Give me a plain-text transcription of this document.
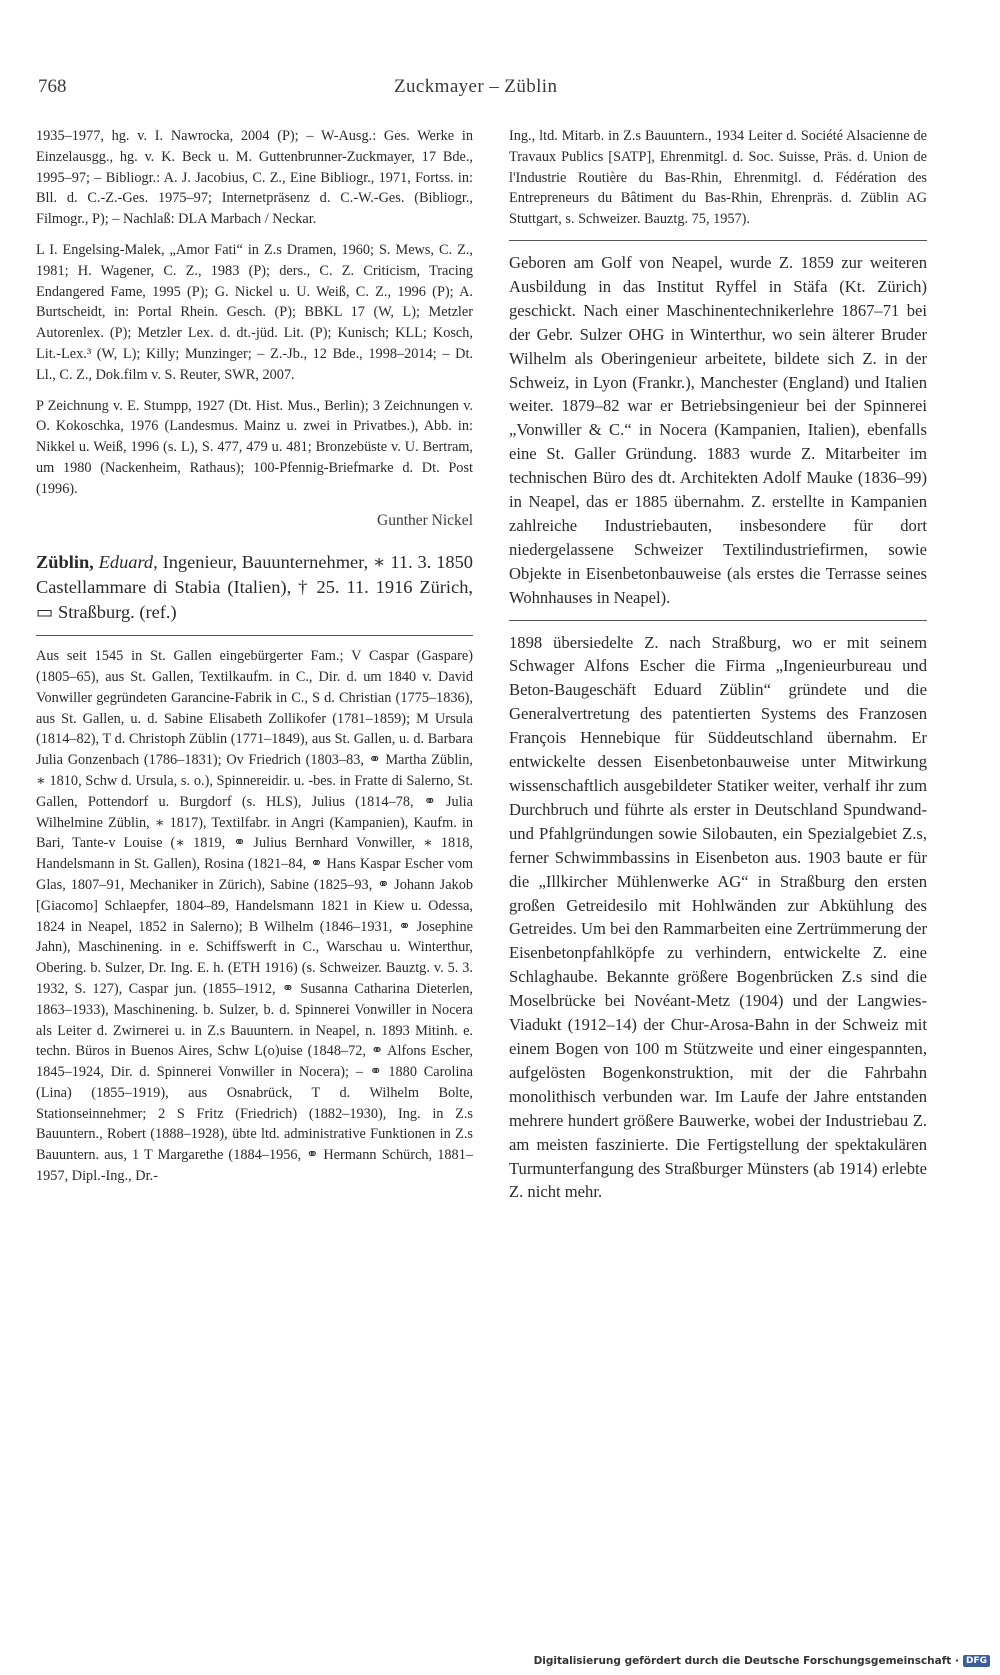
768	Zuckmayer – Züblin

1935–1977, hg. v. I. Nawrocka, 2004 (P); – W-Ausg.: Ges. Werke in Einzelausgg., hg. v. K. Beck u. M. Guttenbrunner-Zuckmayer, 17 Bde., 1995–97; – Bibliogr.: A. J. Jacobius, C. Z., Eine Bibliogr., 1971, Fortss. in: Bll. d. C.-Z.-Ges. 1975–97; Internetpräsenz d. C.-W.-Ges. (Bibliogr., Filmogr., P); – Nachlaß: DLA Marbach / Neckar.

L I. Engelsing-Malek, „Amor Fati“ in Z.s Dramen, 1960; S. Mews, C. Z., 1981; H. Wagener, C. Z., 1983 (P); ders., C. Z. Criticism, Tracing Endangered Fame, 1995 (P); G. Nickel u. U. Weiß, C. Z., 1996 (P); A. Burtscheidt, in: Portal Rhein. Gesch. (P); BBKL 17 (W, L); Metzler Autorenlex. (P); Metzler Lex. d. dt.-jüd. Lit. (P); Kunisch; KLL; Kosch, Lit.-Lex.³ (W, L); Killy; Munzinger; – Z.-Jb., 12 Bde., 1998–2014; – Dt. Ll., C. Z., Dok.film v. S. Reuter, SWR, 2007.

P Zeichnung v. E. Stumpp, 1927 (Dt. Hist. Mus., Berlin); 3 Zeichnungen v. O. Kokoschka, 1976 (Landesmus. Mainz u. zwei in Privatbes.), Abb. in: Nikkel u. Weiß, 1996 (s. L), S. 477, 479 u. 481; Bronzebüste v. U. Bertram, um 1980 (Nackenheim, Rathaus); 100-Pfennig-Briefmarke d. Dt. Post (1996).

Gunther Nickel
Züblin, Eduard, Ingenieur, Bauunternehmer, ∗ 11. 3. 1850 Castellammare di Stabia (Italien), † 25. 11. 1916 Zürich, ▭ Straßburg. (ref.)

Aus seit 1545 in St. Gallen eingebürgerter Fam.; V Caspar (Gaspare) (1805–65), aus St. Gallen, Textilkaufm. in C., Dir. d. um 1840 v. David Vonwiller gegründeten Garancine-Fabrik in C., S d. Christian (1775–1836), aus St. Gallen, u. d. Sabine Elisabeth Zollikofer (1781–1859); M Ursula (1814–82), T d. Christoph Züblin (1771–1849), aus St. Gallen, u. d. Barbara Julia Gonzenbach (1786–1831); Ov Friedrich (1803–83, ⚭ Martha Züblin, ∗ 1810, Schw d. Ursula, s. o.), Spinnereidir. u. -bes. in Fratte di Salerno, St. Gallen, Pottendorf u. Burgdorf (s. HLS), Julius (1814–78, ⚭ Julia Wilhelmine Züblin, ∗ 1817), Textilfabr. in Angri (Kampanien), Kaufm. in Bari, Tante-v Louise (∗ 1819, ⚭ Julius Bernhard Vonwiller, ∗ 1818, Handelsmann in St. Gallen), Rosina (1821–84, ⚭ Hans Kaspar Escher vom Glas, 1807–91, Mechaniker in Zürich), Sabine (1825–93, ⚭ Johann Jakob [Giacomo] Schlaepfer, 1804–89, Handelsmann 1821 in Kiew u. Odessa, 1824 in Neapel, 1852 in Salerno); B Wilhelm (1846–1931, ⚭ Josephine Jahn), Maschinening. in e. Schiffswerft in C., Warschau u. Winterthur, Obering. b. Sulzer, Dr. Ing. E. h. (ETH 1916) (s. Schweizer. Bauztg. v. 5. 3. 1932, S. 127), Caspar jun. (1855–1912, ⚭ Susanna Catharina Dieterlen, 1863–1933), Maschinening. b. Sulzer, b. d. Spinnerei Vonwiller in Nocera als Leiter d. Zwirnerei u. in Z.s Bauuntern. in Neapel, n. 1893 Mitinh. e. techn. Büros in Buenos Aires, Schw L(o)uise (1848–72, ⚭ Alfons Escher, 1845–1924, Dir. d. Spinnerei Vonwiller in Nocera); – ⚭ 1880 Carolina (Lina) (1855–1919), aus Osnabrück, T d. Wilhelm Bolte, Stationseinnehmer; 2 S Fritz (Friedrich) (1882–1930), Ing. in Z.s Bauuntern., Robert (1888–1928), übte ltd. administrative Funktionen in Z.s Bauuntern. aus, 1 T Margarethe (1884–1956, ⚭ Hermann Schürch, 1881–1957, Dipl.-Ing., Dr.-

Ing., ltd. Mitarb. in Z.s Bauuntern., 1934 Leiter d. Société Alsacienne de Travaux Publics [SATP], Ehrenmitgl. d. Soc. Suisse, Präs. d. Union de l'Industrie Routière du Bas-Rhin, Ehrenmitgl. d. Fédération des Entrepreneurs du Bâtiment du Bas-Rhin, Ehrenpräs. d. Züblin AG Stuttgart, s. Schweizer. Bauztg. 75, 1957).

Geboren am Golf von Neapel, wurde Z. 1859 zur weiteren Ausbildung in das Institut Ryffel in Stäfa (Kt. Zürich) geschickt. Nach einer Maschinentechnikerlehre 1867–71 bei der Gebr. Sulzer OHG in Winterthur, wo sein älterer Bruder Wilhelm als Oberingenieur arbeitete, bildete sich Z. in der Schweiz, in Lyon (Frankr.), Manchester (England) und Italien weiter. 1879–82 war er Betriebsingenieur bei der Spinnerei „Vonwiller & C.“ in Nocera (Kampanien, Italien), ebenfalls eine St. Galler Gründung. 1883 wurde Z. Mitarbeiter im technischen Büro des dt. Architekten Adolf Mauke (1836–99) in Neapel, das er 1885 übernahm. Z. erstellte in Kampanien zahlreiche Industriebauten, insbesondere für dort niedergelassene Schweizer Textilindustriefirmen, sowie Objekte in Eisenbetonbauweise (als erstes die Terrasse seines Wohnhauses in Neapel).

1898 übersiedelte Z. nach Straßburg, wo er mit seinem Schwager Alfons Escher die Firma „Ingenieurbureau und Beton-Baugeschäft Eduard Züblin“ gründete und die Generalvertretung des patentierten Systems des Franzosen François Hennebique für Süddeutschland übernahm. Er entwickelte dessen Eisenbetonbauweise unter Mitwirkung wissenschaftlich ausgebildeter Statiker weiter, verhalf ihr zum Durchbruch und führte als erster in Deutschland Spundwand- und Pfahlgründungen sowie Silobauten, ein Spezialgebiet Z.s, ferner Schwimmbassins in Eisenbeton aus. 1903 baute er für die „Illkircher Mühlenwerke AG“ in Straßburg den ersten großen Getreidesilo mit Hohlwänden zur Abkühlung des Getreides. Um bei den Rammarbeiten eine Zertrümmerung der Eisenbetonpfahlköpfe zu verhindern, entwickelte Z. eine Schlaghaube. Bekannte größere Bogenbrücken Z.s sind die Moselbrücke bei Novéant-Metz (1904) und der Langwies-Viadukt (1912–14) der Chur-Arosa-Bahn in der Schweiz mit einem Bogen von 100 m Stützweite und einer eingespannten, aufgelösten Bogenkonstruktion, mit der die Fahrbahn monolithisch verbunden war. Im Laufe der Jahre entstanden mehrere hundert größere Bauwerke, wobei der Industriebau Z. am meisten faszinierte. Die Fertigstellung der spektakulären Turmunterfangung des Straßburger Münsters (ab 1914) erlebte Z. nicht mehr.

Digitalisierung gefördert durch die Deutsche Forschungsgemeinschaft · DFG
